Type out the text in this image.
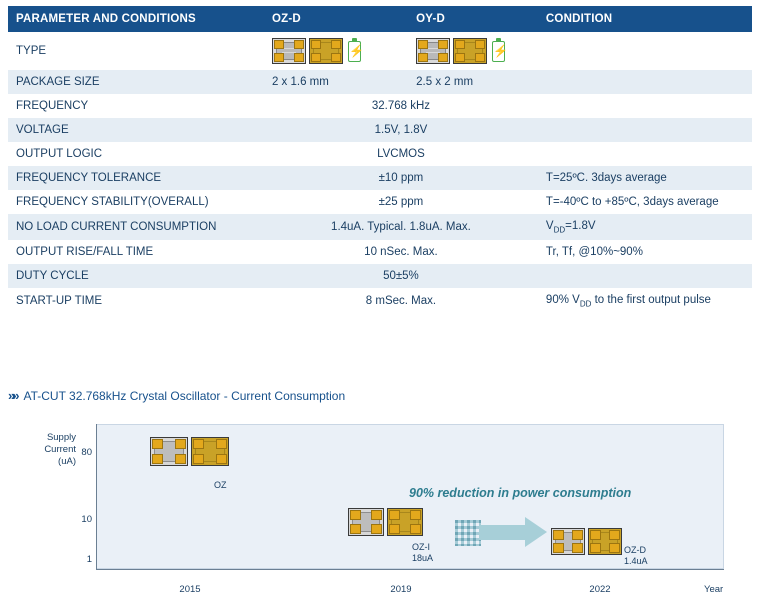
PARAMETER AND CONDITIONS	OZ-D	OY-D	CONDITION
TYPE	⚡	⚡	

PACKAGE SIZE	2 x 1.6 mm	2.5 x 2 mm	
FREQUENCY	32.768 kHz		
VOLTAGE	1.5V, 1.8V		
OUTPUT LOGIC	LVCMOS		
FREQUENCY TOLERANCE	±10 ppm		T=25ºC. 3days average
FREQUENCY STABILITY(OVERALL)	±25 ppm		T=-40ºC to +85ºC, 3days average
NO LOAD CURRENT CONSUMPTION	1.4uA. Typical. 1.8uA. Max.		$V_{DD}=1.8V$
OUTPUT RISE/FALL TIME	10 nSec. Max.		Tr, Tf, @10%~90%
DUTY CYCLE	50±5%		
START-UP TIME	8 mSec. Max.		90% $V_{DD}$ to the first output pulse
»» AT-CUT 32.768kHz Crystal Oscillator - Current Consumption
Supply
Current
(uA)
80
10
1
2015	2019	2022	Year
OZ
OZ-I
18uA
90% reduction in power consumption
OZ-D
1.4uA
